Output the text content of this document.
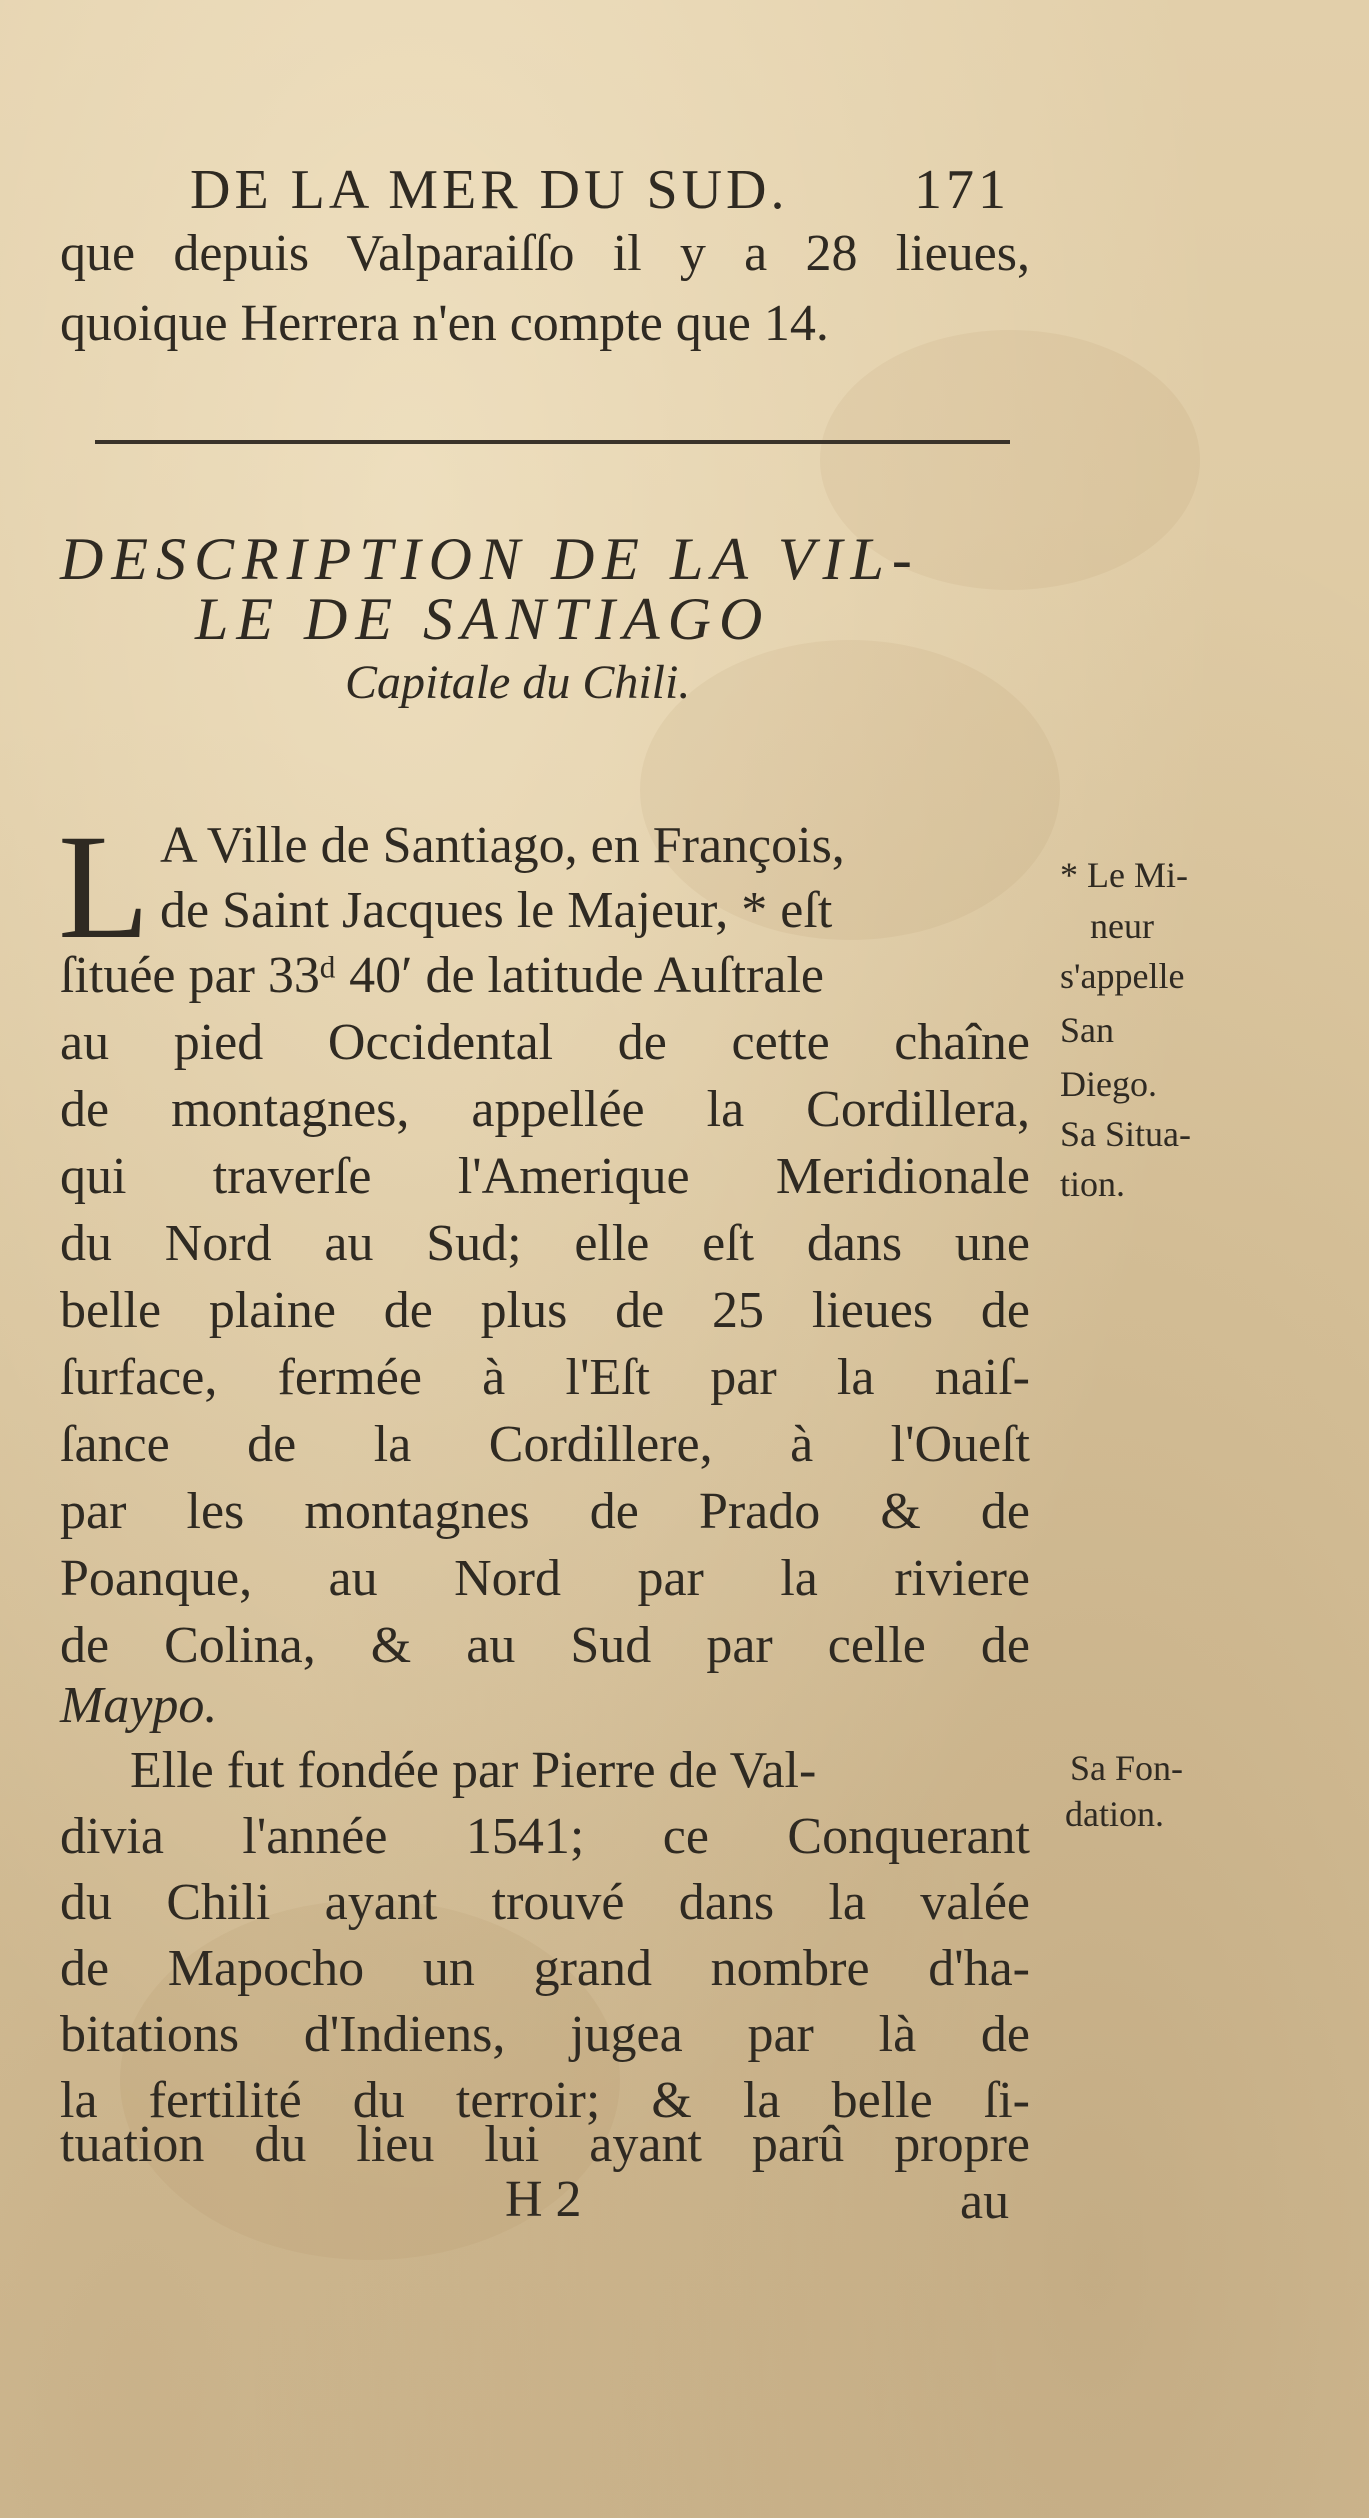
DE LA MER DU SUD. 171
que depuis Valparaiſſo il y a 28 lieues,
quoique Herrera n'en compte que 14.
DESCRIPTION DE LA VIL-
LE DE SANTIAGO
Capitale du Chili.
L A Ville de Santiago, en François,
de Saint Jacques le Majeur, * eſt
ſituée par 33ᵈ 40′ de latitude Auſtrale
au pied Occidental de cette chaîne
de montagnes, appellée la Cordillera,
qui traverſe l'Amerique Meridionale
du Nord au Sud; elle eſt dans une
belle plaine de plus de 25 lieues de
ſurface, fermée à l'Eſt par la naiſ-
ſance de la Cordillere, à l'Oueſt
par les montagnes de Prado & de
Poanque, au Nord par la riviere
de Colina, & au Sud par celle de
Maypo.
Elle fut fondée par Pierre de Val-
divia l'année 1541; ce Conquerant
du Chili ayant trouvé dans la valée
de Mapocho un grand nombre d'ha-
bitations d'Indiens, jugea par là de
la fertilité du terroir; & la belle ſi-
tuation du lieu lui ayant parû propre
* Le Mi-
neur
s'appelle
San
Diego.
Sa Situa-
tion.
Sa Fon-
dation.
H 2	au
